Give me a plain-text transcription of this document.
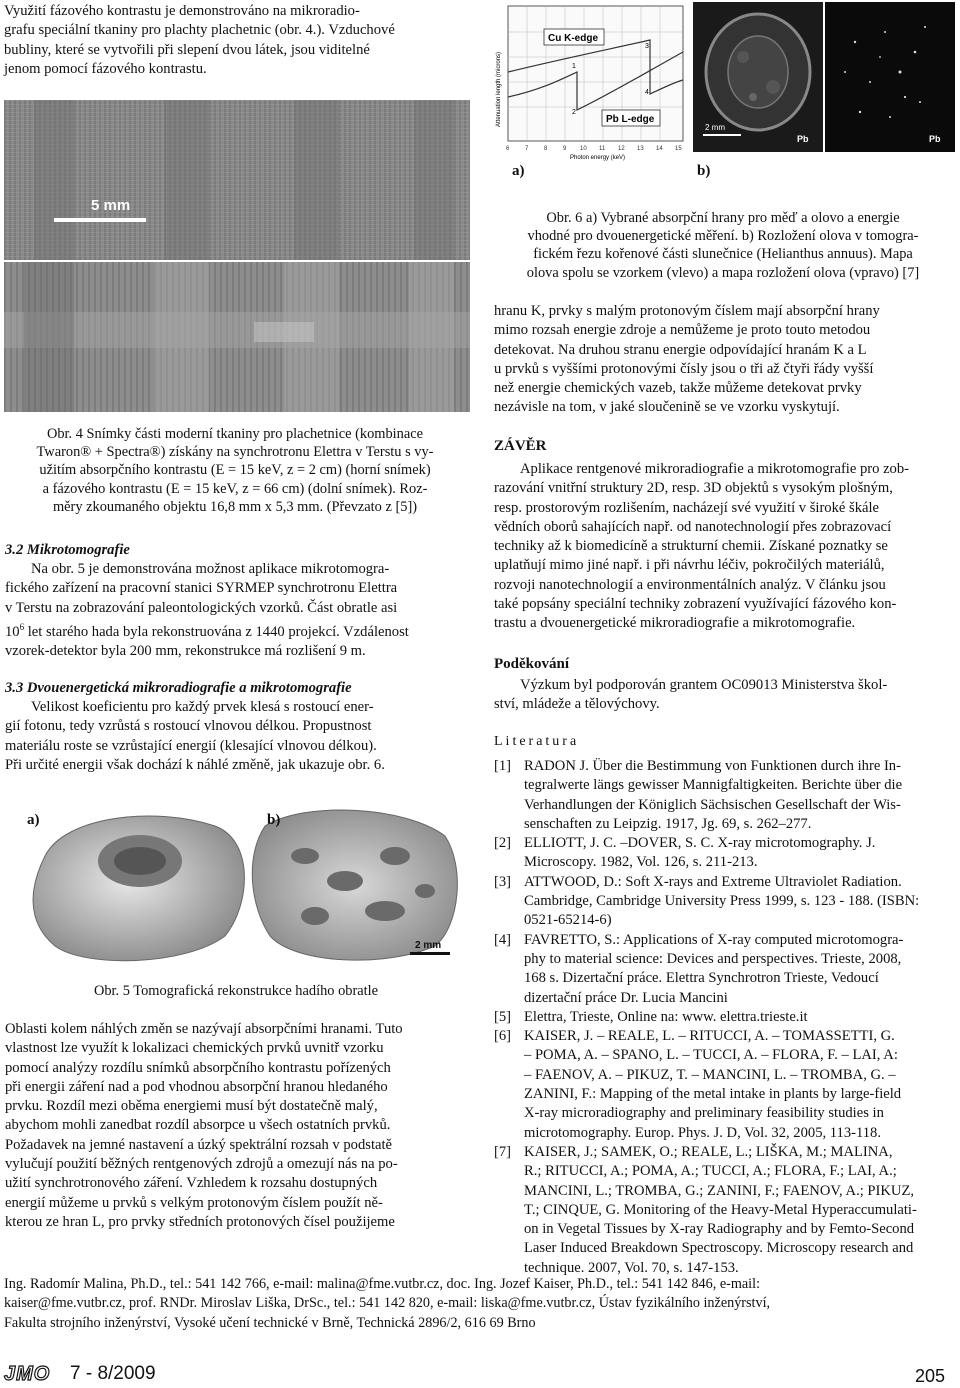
Využití fázového kontrastu je demonstrováno na mikroradio-
grafu speciální tkaniny pro plachty plachetnic (obr. 4.). Vzduchové
bubliny, které se vytvořili při slepení dvou látek, jsou viditelné
jenom pomocí fázového kontrastu.
5 mm
Obr. 4 Snímky části moderní tkaniny pro plachetnice (kombinace
Twaron® + Spectra®) získány na synchrotronu Elettra v Terstu s vy-
užitím absorpčního kontrastu (E = 15 keV, z = 2 cm) (horní snímek)
a fázového kontrastu (E = 15 keV, z = 66 cm) (dolní snímek). Roz-
měry zkoumaného objektu 16,8 mm x 5,3 mm. (Převzato z [5])
Cu K-edge
Pb L-edge
3
4
2
1
6	7	8	9 10 11 12 13 14 15
Photon energy (keV)
Attenuation length (microns)
2 mm
Pb	Pb
a)	b)
Obr. 6 a) Vybrané absorpční hrany pro měď a olovo a energie
vhodné pro dvouenergetické měření. b) Rozložení olova v tomogra-
fickém řezu kořenové části slunečnice (Helianthus annuus). Mapa
olova spolu se vzorkem (vlevo) a mapa rozložení olova (vpravo) [7]
hranu K, prvky s malým protonovým číslem mají absorpční hrany
mimo rozsah energie zdroje a nemůžeme je proto touto metodou
detekovat. Na druhou stranu energie odpovídající hranám K a L
u prvků s vyššími protonovými čísly jsou o tři až čtyři řády vyšší
než energie chemických vazeb, takže můžeme detekovat prvky
nezávisle na tom, v jaké sloučenině se ve vzorku vyskytují.
ZÁVĚR
Aplikace rentgenové mikroradiografie a mikrotomografie pro zob-
razování vnitřní struktury 2D, resp. 3D objektů s vysokým plošným,
resp. prostorovým rozlišením, nacházejí své využití v široké škále
vědních oborů sahajících např. od nanotechnologií přes zobrazovací
techniky až k biomedicíně a strukturní chemii. Získané poznatky se
uplatňují mimo jiné např. i při návrhu léčiv, pokročilých materiálů,
rozvoji nanotechnologií a environmentálních analýz. V článku jsou
také popsány speciální techniky zobrazení využívající fázového kon-
trastu a dvouenergetické mikroradiografie a mikrotomografie.
Poděkování
Výzkum byl podporován grantem OC09013 Ministerstva škol-
ství, mládeže a tělovýchovy.
Literatura
[1] RADON J. Über die Bestimmung von Funktionen durch ihre In-
tegralwerte längs gewisser Mannigfaltigkeiten. Berichte über die
Verhandlungen der Königlich Sächsischen Gesellschaft der Wis-
senschaften zu Leipzig. 1917, Jg. 69, s. 262–277.
[2] ELLIOTT, J. C. –DOVER, S. C. X-ray microtomography. J.
Microscopy. 1982, Vol. 126, s. 211-213.
[3] ATTWOOD, D.: Soft X-rays and Extreme Ultraviolet Radiation.
Cambridge, Cambridge University Press 1999, s. 123 - 188. (ISBN:
0521-65214-6)
[4] FAVRETTO, S.: Applications of X-ray computed microtomogra-
phy to material science: Devices and perspectives. Trieste, 2008,
168 s. Dizertační práce. Elettra Synchrotron Trieste, Vedoucí
dizertační práce Dr. Lucia Mancini
[5] Elettra, Trieste, Online na: www. elettra.trieste.it
[6] KAISER, J. – REALE, L. – RITUCCI, A. – TOMASSETTI, G.
– POMA, A. – SPANO, L. – TUCCI, A. – FLORA, F. – LAI, A:
– FAENOV, A. – PIKUZ, T. – MANCINI, L. – TROMBA, G. –
ZANINI, F.: Mapping of the metal intake in plants by large-field
X-ray microradiography and preliminary feasibility studies in
microtomography. Europ. Phys. J. D, Vol. 32, 2005, 113-118.
[7] KAISER, J.; SAMEK, O.; REALE, L.; LIŠKA, M.; MALINA,
R.; RITUCCI, A.; POMA, A.; TUCCI, A.; FLORA, F.; LAI, A.;
MANCINI, L.; TROMBA, G.; ZANINI, F.; FAENOV, A.; PIKUZ,
T.; CINQUE, G. Monitoring of the Heavy-Metal Hyperaccumulati-
on in Vegetal Tissues by X-ray Radiography and by Femto-Second
Laser Induced Breakdown Spectroscopy. Microscopy research and
technique. 2007, Vol. 70, s. 147-153.
3.2 Mikrotomografie
Na obr. 5 je demonstrována možnost aplikace mikrotomogra-
fického zařízení na pracovní stanici SYRMEP synchrotronu Elettra
v Terstu na zobrazování paleontologických vzorků. Část obratle asi
$10^6$ let starého hada byla rekonstruována z 1440 projekcí. Vzdálenost
vzorek-detektor byla 200 mm, rekonstrukce má rozlišení 9 m.
3.3 Dvouenergetická mikroradiografie a mikrotomografie
Velikost koeficientu pro každý prvek klesá s rostoucí ener-
gií fotonu, tedy vzrůstá s rostoucí vlnovou délkou. Propustnost
materiálu roste se vzrůstající energií (klesající vlnovou délkou).
Při určité energii však dochází k náhlé změně, jak ukazuje obr. 6.
2 mm
a)	b)
Obr. 5 Tomografická rekonstrukce hadího obratle
Oblasti kolem náhlých změn se nazývají absorpčními hranami. Tuto
vlastnost lze využít k lokalizaci chemických prvků uvnitř vzorku
pomocí analýzy rozdílu snímků absorpčního kontrastu pořízených
při energii záření nad a pod vhodnou absorpční hranou hledaného
prvku. Rozdíl mezi oběma energiemi musí být dostatečně malý,
abychom mohli zanedbat rozdíl absorpce u všech ostatních prvků.
Požadavek na jemné nastavení a úzký spektrální rozsah v podstatě
vylučují použití běžných rentgenových zdrojů a omezují nás na po-
užití synchrotronového záření. Vzhledem k rozsahu dostupných
energií můžeme u prvků s velkým protonovým číslem použít ně-
kterou ze hran L, pro prvky středních protonových čísel použijeme
Ing. Radomír Malina, Ph.D., tel.: 541 142 766, e-mail: malina@fme.vutbr.cz, doc. Ing. Jozef Kaiser, Ph.D., tel.: 541 142 846, e-mail:
kaiser@fme.vutbr.cz, prof. RNDr. Miroslav Liška, DrSc., tel.: 541 142 820, e-mail: liska@fme.vutbr.cz, Ústav fyzikálního inženýrství,
Fakulta strojního inženýrství, Vysoké učení technické v Brně, Technická 2896/2, 616 69 Brno
JMO 7 - 8/2009	205
